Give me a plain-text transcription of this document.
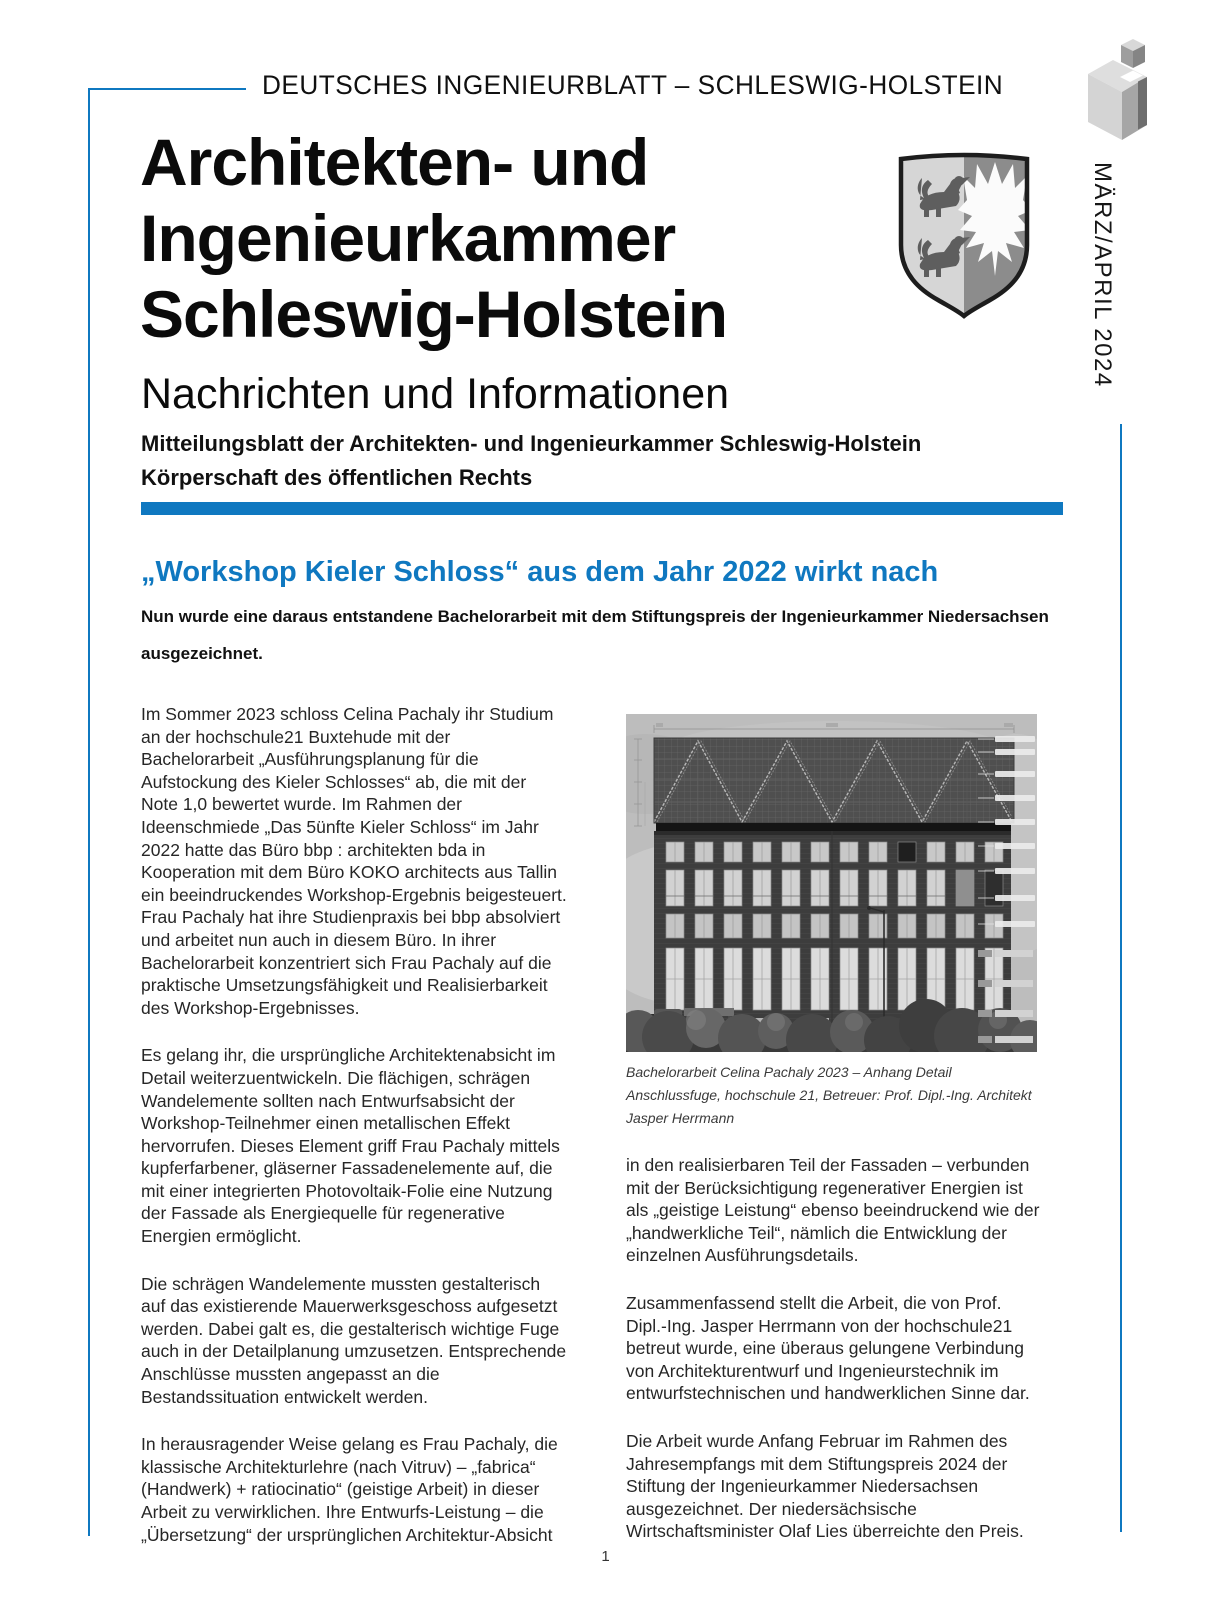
DEUTSCHES INGENIEURBLATT – SCHLESWIG-HOLSTEIN
MÄRZ/APRIL 2024
Architekten- und
Ingenieurkammer
Schleswig-Holstein
Nachrichten und Informationen
Mitteilungsblatt der Architekten- und Ingenieurkammer Schleswig-Holstein
Körperschaft des öffentlichen Rechts
„Workshop Kieler Schloss“ aus dem Jahr 2022 wirkt nach
Nun wurde eine daraus entstandene Bachelorarbeit mit dem Stiftungspreis der Ingenieurkammer Niedersachsen ausgezeichnet.

Im Sommer 2023 schloss Celina Pachaly ihr Studium an der hochschule21 Buxtehude mit der Bachelorarbeit „Ausführungsplanung für die Aufstockung des Kieler Schlosses“ ab, die mit der Note 1,0 bewertet wurde. Im Rahmen der Ideenschmiede „Das 5ünfte Kieler Schloss“ im Jahr 2022 hatte das Büro bbp : architekten bda in Kooperation mit dem Büro KOKO architects aus Tallin ein beeindruckendes Workshop-Ergebnis beigesteuert. Frau Pachaly hat ihre Studienpraxis bei bbp absolviert und arbeitet nun auch in diesem Büro. In ihrer Bachelorarbeit konzentriert sich Frau Pachaly auf die praktische Umsetzungsfähigkeit und Realisierbarkeit des Workshop-Ergebnisses.

Es gelang ihr, die ursprüngliche Architektenabsicht im Detail weiterzuentwickeln. Die flächigen, schrägen Wandelemente sollten nach Entwurfsabsicht der Workshop-Teilnehmer einen metallischen Effekt hervorrufen. Dieses Element griff Frau Pachaly mittels kupferfarbener, gläserner Fassadenelemente auf, die mit einer integrierten Photovoltaik-Folie eine Nutzung der Fassade als Energiequelle für regenerative Energien ermöglicht.

Die schrägen Wandelemente mussten gestalterisch auf das existierende Mauerwerksgeschoss aufgesetzt werden. Dabei galt es, die gestalterisch wichtige Fuge auch in der Detailplanung umzusetzen. Entsprechende Anschlüsse mussten angepasst an die Bestandssituation entwickelt werden.

In herausragender Weise gelang es Frau Pachaly, die klassische Architekturlehre (nach Vitruv) – „fabrica“ (Handwerk) + ratiocinatio“ (geistige Arbeit) in dieser Arbeit zu verwirklichen. Ihre Entwurfs-Leistung – die „Übersetzung“ der ursprünglichen Architektur-Absicht

Bachelorarbeit Celina Pachaly 2023 – Anhang Detail Anschlussfuge, hochschule 21, Betreuer: Prof. Dipl.-Ing. Architekt Jasper Herrmann

in den realisierbaren Teil der Fassaden – verbunden mit der Berücksichtigung regenerativer Energien ist als „geistige Leistung“ ebenso beeindruckend wie der „handwerkliche Teil“, nämlich die Entwicklung der einzelnen Ausführungsdetails.

Zusammenfassend stellt die Arbeit, die von Prof. Dipl.-Ing. Jasper Herrmann von der hochschule21 betreut wurde, eine überaus gelungene Verbindung von Architekturentwurf und Ingenieurstechnik im entwurfstechnischen und handwerklichen Sinne dar.

Die Arbeit wurde Anfang Februar im Rahmen des Jahresempfangs mit dem Stiftungspreis 2024 der Stiftung der Ingenieurkammer Niedersachsen ausgezeichnet. Der niedersächsische Wirtschaftsminister Olaf Lies überreichte den Preis.

1
